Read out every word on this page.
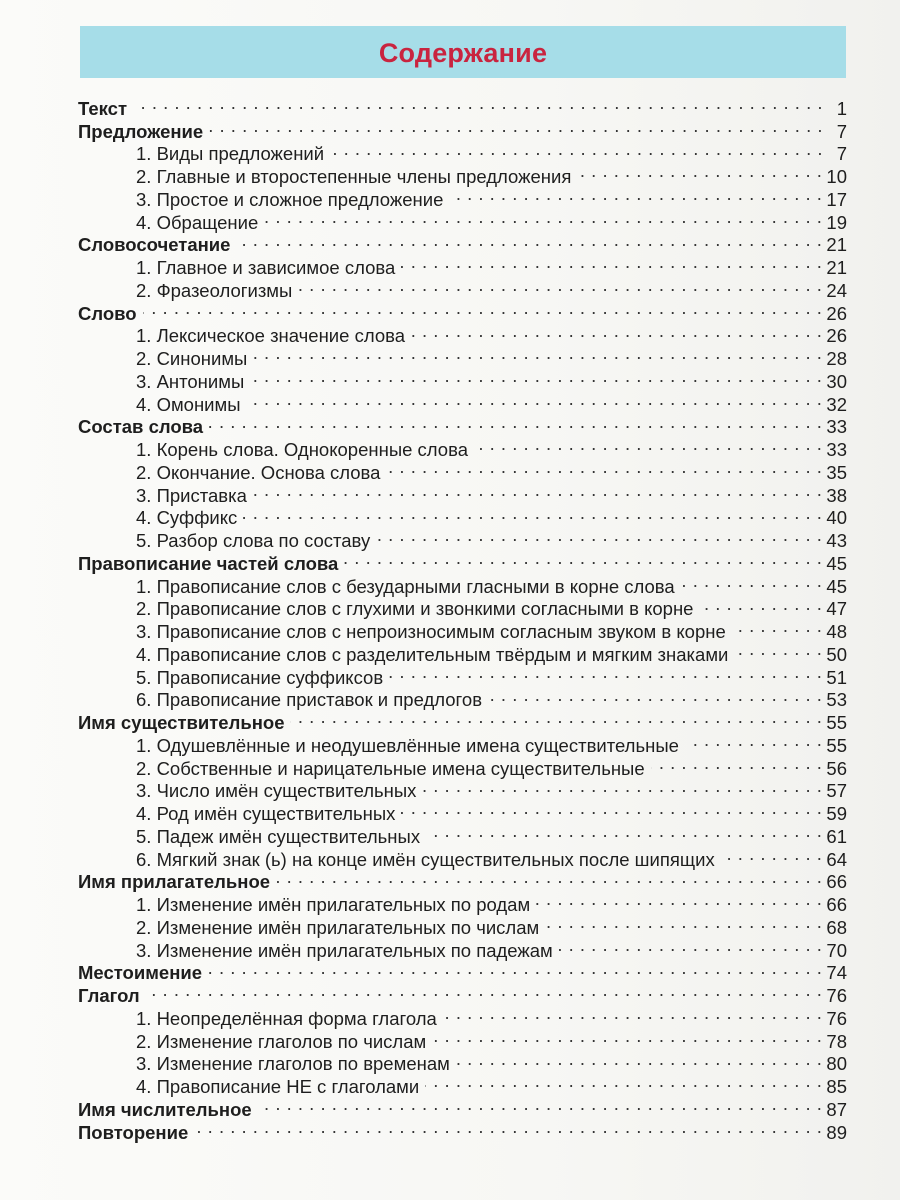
Содержание
Текст . . .	1
Предложение . . .	7
1. Виды предложений . . .	7
2. Главные и второстепенные члены предложения . . .	10
3. Простое и сложное предложение . . .	17
4. Обращение . . .	19
Словосочетание . . .	21
1. Главное и зависимое слова . . .	21
2. Фразеологизмы . . .	24
Слово . . .	26
1. Лексическое значение слова . . .	26
2. Синонимы . . .	28
3. Антонимы . . .	30
4. Омонимы . . .	32
Состав слова . . .	33
1. Корень слова. Однокоренные слова . . .	33
2. Окончание. Основа слова . . .	35
3. Приставка . . .	38
4. Суффикс . . .	40
5. Разбор слова по составу . . .	43
Правописание частей слова . . .	45
1. Правописание слов с безударными гласными в корне слова . . .	45
2. Правописание слов с глухими и звонкими согласными в корне . . .	47
3. Правописание слов с непроизносимым согласным звуком в корне . . .	48
4. Правописание слов с разделительным твёрдым и мягким знаками . . .	50
5. Правописание суффиксов . . .	51
6. Правописание приставок и предлогов . . .	53
Имя существительное . . .	55
1. Одушевлённые и неодушевлённые имена существительные . . .	55
2. Собственные и нарицательные имена существительные . . .	56
3. Число имён существительных . . .	57
4. Род имён существительных . . .	59
5. Падеж имён существительных . . .	61
6. Мягкий знак (ь) на конце имён существительных после шипящих . . .	64
Имя прилагательное . . .	66
1. Изменение имён прилагательных по родам . . .	66
2. Изменение имён прилагательных по числам . . .	68
3. Изменение имён прилагательных по падежам . . .	70
Местоимение . . .	74
Глагол . . .	76
1. Неопределённая форма глагола . . .	76
2. Изменение глаголов по числам . . .	78
3. Изменение глаголов по временам . . .	80
4. Правописание НЕ с глаголами . . .	85
Имя числительное . . .	87
Повторение . . .	89
